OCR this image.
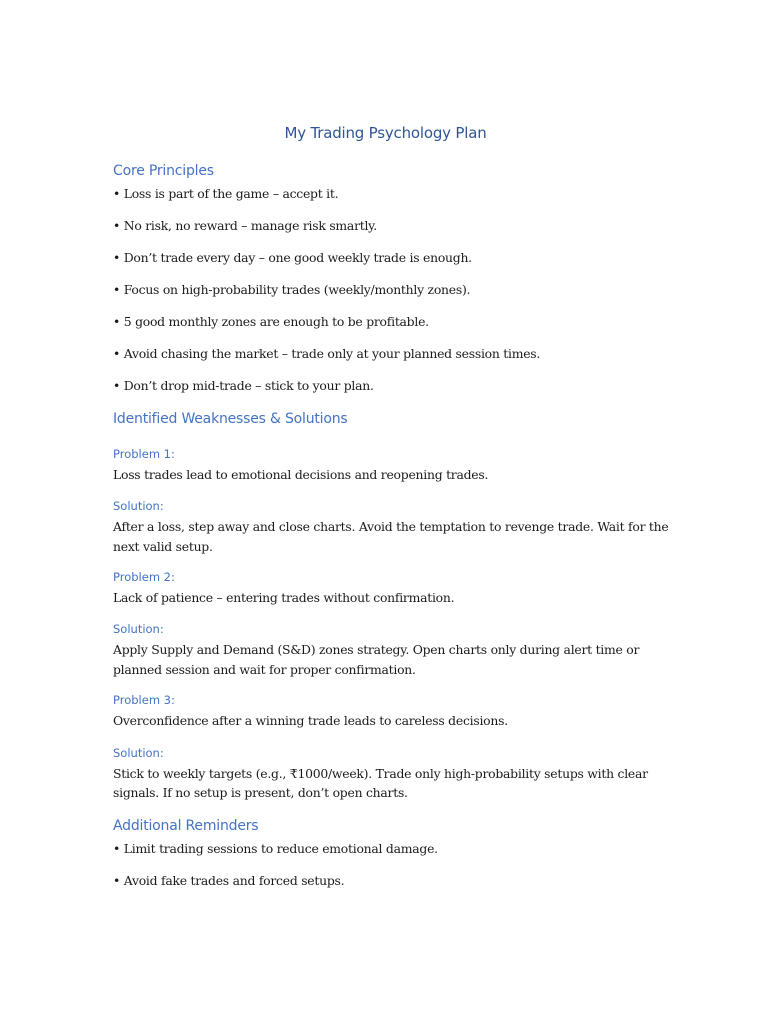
My Trading Psychology Plan
Core Principles
• Loss is part of the game – accept it.
• No risk, no reward – manage risk smartly.
• Don’t trade every day – one good weekly trade is enough.
• Focus on high-probability trades (weekly/monthly zones).
• 5 good monthly zones are enough to be profitable.
• Avoid chasing the market – trade only at your planned session times.
• Don’t drop mid-trade – stick to your plan.
Identified Weaknesses & Solutions
Problem 1:
Loss trades lead to emotional decisions and reopening trades.
Solution:
After a loss, step away and close charts. Avoid the temptation to revenge trade. Wait for the
next valid setup.
Problem 2:
Lack of patience – entering trades without confirmation.
Solution:
Apply Supply and Demand (S&D) zones strategy. Open charts only during alert time or
planned session and wait for proper confirmation.
Problem 3:
Overconfidence after a winning trade leads to careless decisions.
Solution:
Stick to weekly targets (e.g., ₹1000/week). Trade only high-probability setups with clear
signals. If no setup is present, don’t open charts.
Additional Reminders
• Limit trading sessions to reduce emotional damage.
• Avoid fake trades and forced setups.
